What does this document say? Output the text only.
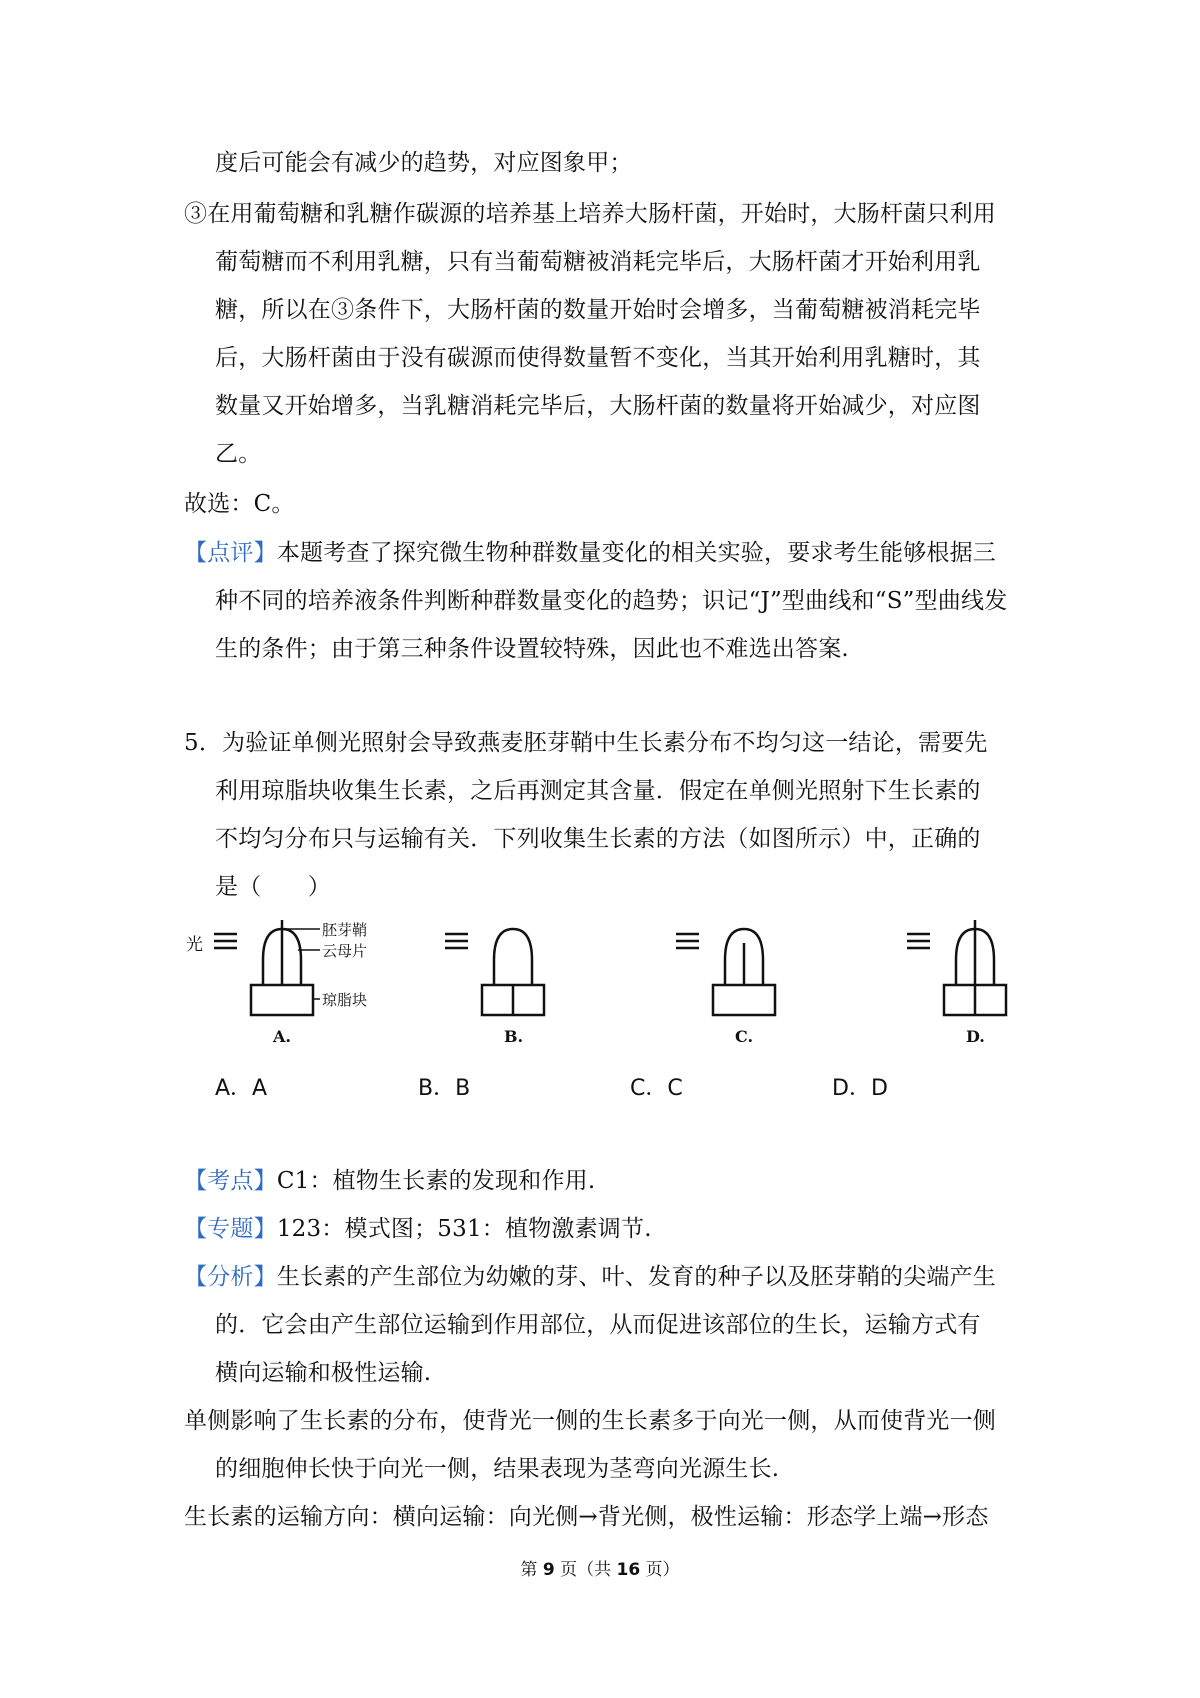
度后可能会有减少的趋势，对应图象甲；
③在用葡萄糖和乳糖作碳源的培养基上培养大肠杆菌，开始时，大肠杆菌只利用
葡萄糖而不利用乳糖，只有当葡萄糖被消耗完毕后，大肠杆菌才开始利用乳
糖，所以在③条件下，大肠杆菌的数量开始时会增多，当葡萄糖被消耗完毕
后，大肠杆菌由于没有碳源而使得数量暂不变化，当其开始利用乳糖时，其
数量又开始增多，当乳糖消耗完毕后，大肠杆菌的数量将开始减少，对应图
乙。
故选：C。
【点评】本题考查了探究微生物种群数量变化的相关实验，要求考生能够根据三
种不同的培养液条件判断种群数量变化的趋势；识记“J”型曲线和“S”型曲线发
生的条件；由于第三种条件设置较特殊，因此也不难选出答案.
5．为验证单侧光照射会导致燕麦胚芽鞘中生长素分布不均匀这一结论，需要先
利用琼脂块收集生长素，之后再测定其含量．假定在单侧光照射下生长素的
不均匀分布只与运输有关．下列收集生长素的方法（如图所示）中，正确的
是（　　）
光
胚芽鞘
云母片
琼脂块
A.	B.	C.	D.
A．A	B．B	C．C	D．D
【考点】C1：植物生长素的发现和作用.
【专题】123：模式图；531：植物激素调节.
【分析】生长素的产生部位为幼嫩的芽、叶、发育的种子以及胚芽鞘的尖端产生
的．它会由产生部位运输到作用部位，从而促进该部位的生长，运输方式有
横向运输和极性运输.
单侧影响了生长素的分布，使背光一侧的生长素多于向光一侧，从而使背光一侧
的细胞伸长快于向光一侧，结果表现为茎弯向光源生长.
生长素的运输方向：横向运输：向光侧→背光侧，极性运输：形态学上端→形态
第 9 页（共 16 页）
